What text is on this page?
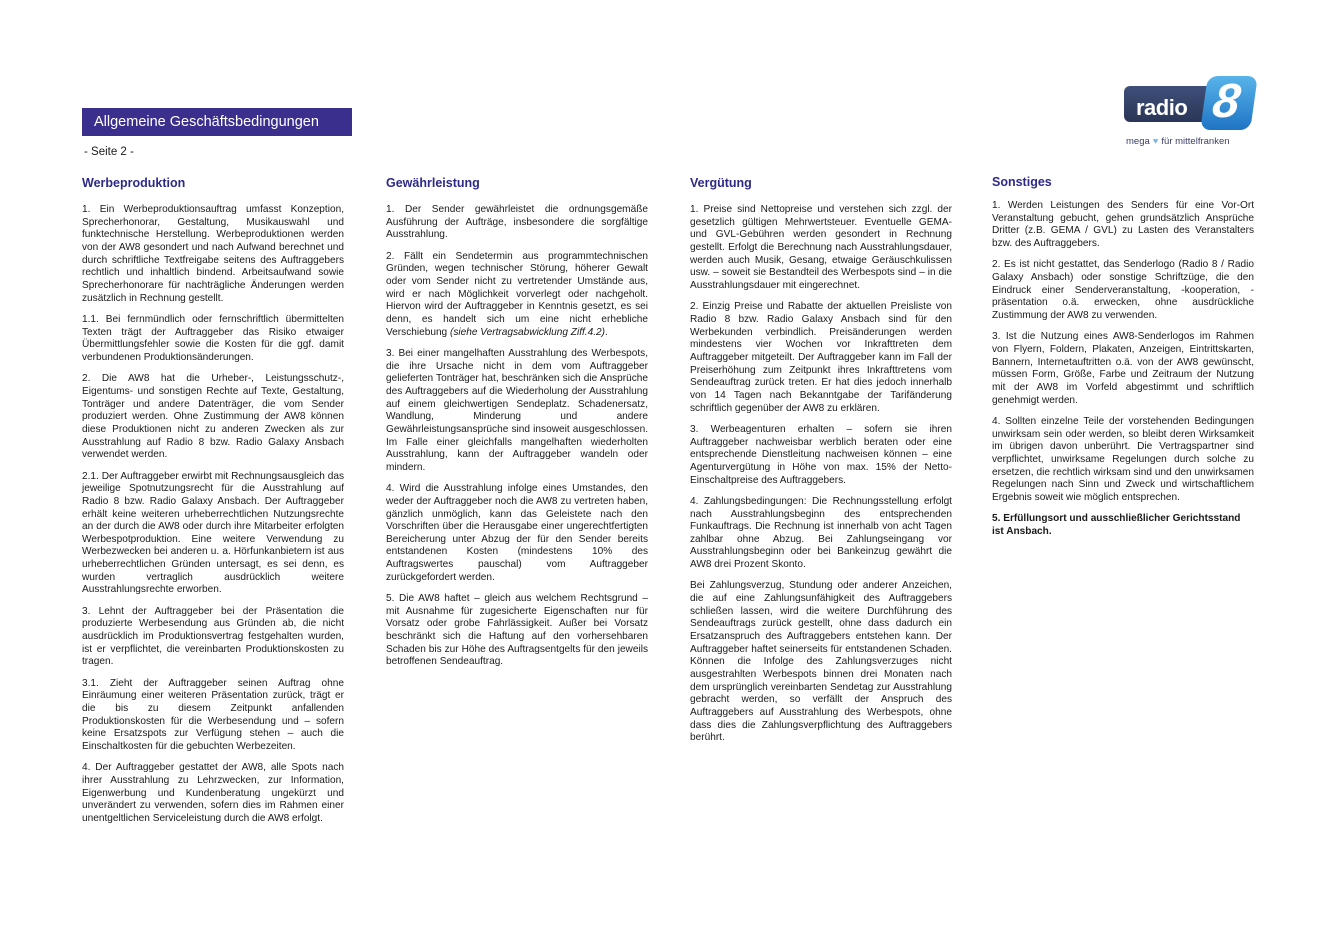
Allgemeine Geschäftsbedingungen
- Seite 2 -
radio 8
mega ♥ für mittelfranken
Werbeproduktion

1. Ein Werbeproduktionsauftrag umfasst Konzeption, Sprecherhonorar, Gestaltung, Musikauswahl und funktechnische Herstellung. Werbeproduktionen werden von der AW8 gesondert und nach Aufwand berechnet und durch schriftliche Textfreigabe seitens des Auftraggebers rechtlich und inhaltlich bindend. Arbeitsaufwand sowie Sprecherhonorare für nachträgliche Änderungen werden zusätzlich in Rechnung gestellt.

1.1. Bei fernmündlich oder fernschriftlich übermittelten Texten trägt der Auftraggeber das Risiko etwaiger Übermittlungsfehler sowie die Kosten für die ggf. damit verbundenen Produktionsänderungen.

2. Die AW8 hat die Urheber-, Leistungsschutz-, Eigentums- und sonstigen Rechte auf Texte, Gestaltung, Tonträger und andere Datenträger, die vom Sender produziert werden. Ohne Zustimmung der AW8 können diese Produktionen nicht zu anderen Zwecken als zur Ausstrahlung auf Radio 8 bzw. Radio Galaxy Ansbach verwendet werden.

2.1. Der Auftraggeber erwirbt mit Rechnungsausgleich das jeweilige Spotnutzungsrecht für die Ausstrahlung auf Radio 8 bzw. Radio Galaxy Ansbach. Der Auftraggeber erhält keine weiteren urheberrechtlichen Nutzungsrechte an der durch die AW8 oder durch ihre Mitarbeiter erfolgten Werbespotproduktion. Eine weitere Verwendung zu Werbezwecken bei anderen u. a. Hörfunkanbietern ist aus urheberrechtlichen Gründen untersagt, es sei denn, es wurden vertraglich ausdrücklich weitere Ausstrahlungsrechte erworben.

3. Lehnt der Auftraggeber bei der Präsentation die produzierte Werbesendung aus Gründen ab, die nicht ausdrücklich im Produktionsvertrag festgehalten wurden, ist er verpflichtet, die vereinbarten Produktionskosten zu tragen.

3.1. Zieht der Auftraggeber seinen Auftrag ohne Einräumung einer weiteren Präsentation zurück, trägt er die bis zu diesem Zeitpunkt anfallenden Produktionskosten für die Werbesendung und – sofern keine Ersatzspots zur Verfügung stehen – auch die Einschaltkosten für die gebuchten Werbezeiten.

4. Der Auftraggeber gestattet der AW8, alle Spots nach ihrer Ausstrahlung zu Lehrzwecken, zur Information, Eigenwerbung und Kundenberatung ungekürzt und unverändert zu verwenden, sofern dies im Rahmen einer unentgeltlichen Serviceleistung durch die AW8 erfolgt.

Gewährleistung

1. Der Sender gewährleistet die ordnungsgemäße Ausführung der Aufträge, insbesondere die sorgfältige Ausstrahlung.

2. Fällt ein Sendetermin aus programmtechnischen Gründen, wegen technischer Störung, höherer Gewalt oder vom Sender nicht zu vertretender Umstände aus, wird er nach Möglichkeit vorverlegt oder nachgeholt. Hiervon wird der Auftraggeber in Kenntnis gesetzt, es sei denn, es handelt sich um eine nicht erhebliche Verschiebung (siehe Vertragsabwicklung Ziff.4.2).

3. Bei einer mangelhaften Ausstrahlung des Werbespots, die ihre Ursache nicht in dem vom Auftraggeber gelieferten Tonträger hat, beschränken sich die Ansprüche des Auftraggebers auf die Wiederholung der Ausstrahlung auf einem gleichwertigen Sendeplatz. Schadenersatz, Wandlung, Minderung und andere Gewährleistungsansprüche sind insoweit ausgeschlossen. Im Falle einer gleichfalls mangelhaften wiederholten Ausstrahlung, kann der Auftraggeber wandeln oder mindern.

4. Wird die Ausstrahlung infolge eines Umstandes, den weder der Auftraggeber noch die AW8 zu vertreten haben, gänzlich unmöglich, kann das Geleistete nach den Vorschriften über die Herausgabe einer ungerechtfertigten Bereicherung unter Abzug der für den Sender bereits entstandenen Kosten (mindestens 10% des Auftragswertes pauschal) vom Auftraggeber zurückgefordert werden.

5. Die AW8 haftet – gleich aus welchem Rechtsgrund – mit Ausnahme für zugesicherte Eigenschaften nur für Vorsatz oder grobe Fahrlässigkeit. Außer bei Vorsatz beschränkt sich die Haftung auf den vorhersehbaren Schaden bis zur Höhe des Auftragsentgelts für den jeweils betroffenen Sendeauftrag.

Vergütung

1. Preise sind Nettopreise und verstehen sich zzgl. der gesetzlich gültigen Mehrwertsteuer. Eventuelle GEMA- und GVL-Gebühren werden gesondert in Rechnung gestellt. Erfolgt die Berechnung nach Ausstrahlungsdauer, werden auch Musik, Gesang, etwaige Geräuschkulissen usw. – soweit sie Bestandteil des Werbespots sind – in die Ausstrahlungsdauer mit eingerechnet.

2. Einzig Preise und Rabatte der aktuellen Preisliste von Radio 8 bzw. Radio Galaxy Ansbach sind für den Werbekunden verbindlich. Preisänderungen werden mindestens vier Wochen vor Inkrafttreten dem Auftraggeber mitgeteilt. Der Auftraggeber kann im Fall der Preiserhöhung zum Zeitpunkt ihres Inkrafttretens vom Sendeauftrag zurück treten. Er hat dies jedoch innerhalb von 14 Tagen nach Bekanntgabe der Tarifänderung schriftlich gegenüber der AW8 zu erklären.

3. Werbeagenturen erhalten – sofern sie ihren Auftraggeber nachweisbar werblich beraten oder eine entsprechende Dienstleitung nachweisen können – eine Agenturvergütung in Höhe von max. 15% der Netto-Einschaltpreise des Auftraggebers.

4. Zahlungsbedingungen: Die Rechnungsstellung erfolgt nach Ausstrahlungsbeginn des entsprechenden Funkauftrags. Die Rechnung ist innerhalb von acht Tagen zahlbar ohne Abzug. Bei Zahlungseingang vor Ausstrahlungsbeginn oder bei Bankeinzug gewährt die AW8 drei Prozent Skonto.

Bei Zahlungsverzug, Stundung oder anderer Anzeichen, die auf eine Zahlungsunfähigkeit des Auftraggebers schließen lassen, wird die weitere Durchführung des Sendeauftrags zurück gestellt, ohne dass dadurch ein Ersatzanspruch des Auftraggebers entstehen kann. Der Auftraggeber haftet seinerseits für entstandenen Schaden. Können die Infolge des Zahlungsverzuges nicht ausgestrahlten Werbespots binnen drei Monaten nach dem ursprünglich vereinbarten Sendetag zur Ausstrahlung gebracht werden, so verfällt der Anspruch des Auftraggebers auf Ausstrahlung des Werbespots, ohne dass dies die Zahlungsverpflichtung des Auftraggebers berührt.

Sonstiges

1. Werden Leistungen des Senders für eine Vor-Ort Veranstaltung gebucht, gehen grundsätzlich Ansprüche Dritter (z.B. GEMA / GVL) zu Lasten des Veranstalters bzw. des Auftraggebers.

2. Es ist nicht gestattet, das Senderlogo (Radio 8 / Radio Galaxy Ansbach) oder sonstige Schriftzüge, die den Eindruck einer Senderveranstaltung, -kooperation, -präsentation o.ä. erwecken, ohne ausdrückliche Zustimmung der AW8 zu verwenden.

3. Ist die Nutzung eines AW8-Senderlogos im Rahmen von Flyern, Foldern, Plakaten, Anzeigen, Eintrittskarten, Bannern, Internetauftritten o.ä. von der AW8 gewünscht, müssen Form, Größe, Farbe und Zeitraum der Nutzung mit der AW8 im Vorfeld abgestimmt und schriftlich genehmigt werden.

4. Sollten einzelne Teile der vorstehenden Bedingungen unwirksam sein oder werden, so bleibt deren Wirksamkeit im übrigen davon unberührt. Die Vertragspartner sind verpflichtet, unwirksame Regelungen durch solche zu ersetzen, die rechtlich wirksam sind und den unwirksamen Regelungen nach Sinn und Zweck und wirtschaftlichem Ergebnis soweit wie möglich entsprechen.

5. Erfüllungsort und ausschließlicher Gerichtsstand ist Ansbach.
